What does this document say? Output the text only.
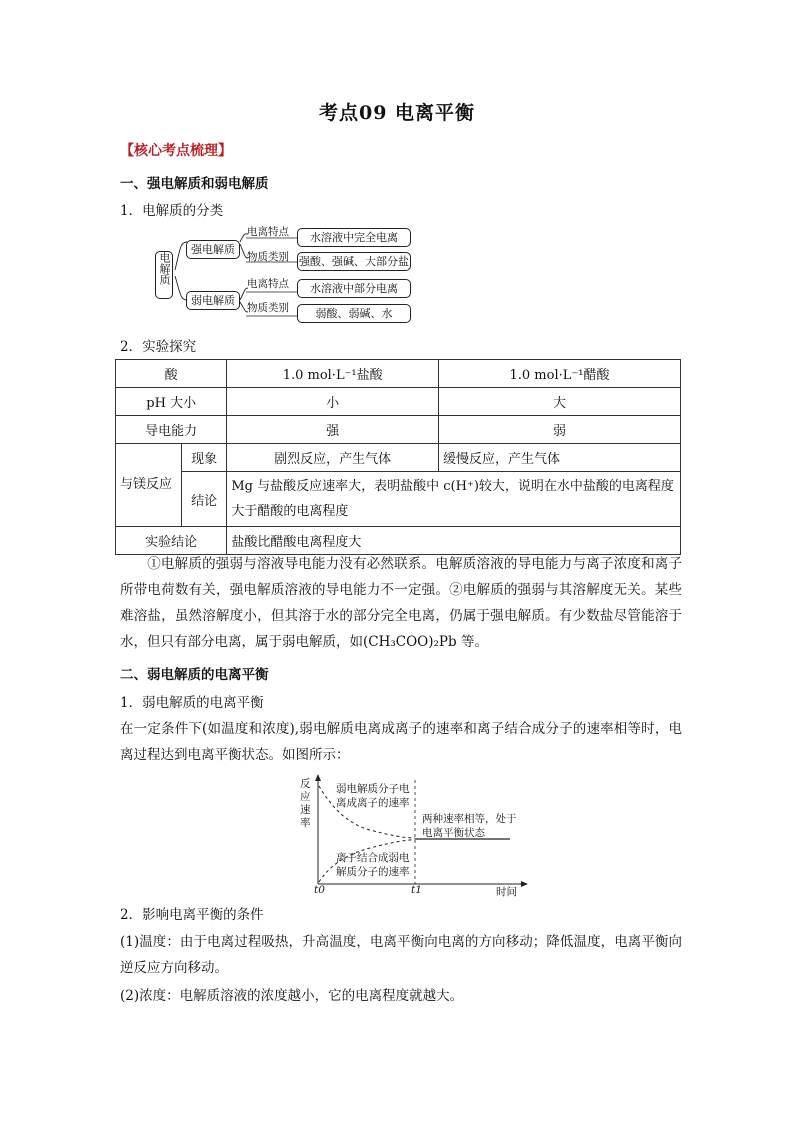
考点09 电离平衡
【核心考点梳理】
一、强电解质和弱电解质
1．电解质的分类
电解质
强电解质
弱电解质
电离特点
物质类别
电离特点
物质类别
水溶液中完全电离
强酸、强碱、大部分盐
水溶液中部分电离
弱酸、弱碱、水
2．实验探究
酸		1.0 mol·L⁻¹盐酸	1.0 mol·L⁻¹醋酸
pH 大小		小	大
导电能力		强	弱
与镁反应	现象	剧烈反应，产生气体	缓慢反应，产生气体
	结论	Mg 与盐酸反应速率大，表明盐酸中 c(H⁺)较大，说明在水中盐酸的电离程度大于醋酸的电离程度	
实验结论		盐酸比醋酸电离程度大	
①电解质的强弱与溶液导电能力没有必然联系。电解质溶液的导电能力与离子浓度和离子所带电荷数有关，强电解质溶液的导电能力不一定强。②电解质的强弱与其溶解度无关。某些难溶盐，虽然溶解度小，但其溶于水的部分完全电离，仍属于强电解质。有少数盐尽管能溶于水，但只有部分电离，属于弱电解质，如(CH₃COO)₂Pb 等。
二、弱电解质的电离平衡
1．弱电解质的电离平衡
在一定条件下(如温度和浓度),弱电解质电离成离子的速率和离子结合成分子的速率相等时，电离过程达到电离平衡状态。如图所示：
反应速率
弱电解质分子电离成离子的速率
两种速率相等，处于电离平衡状态
离子结合成弱电解质分子的速率
t0	t1	时间
2．影响电离平衡的条件
(1)温度：由于电离过程吸热，升高温度，电离平衡向电离的方向移动；降低温度，电离平衡向逆反应方向移动。
(2)浓度：电解质溶液的浓度越小，它的电离程度就越大。
